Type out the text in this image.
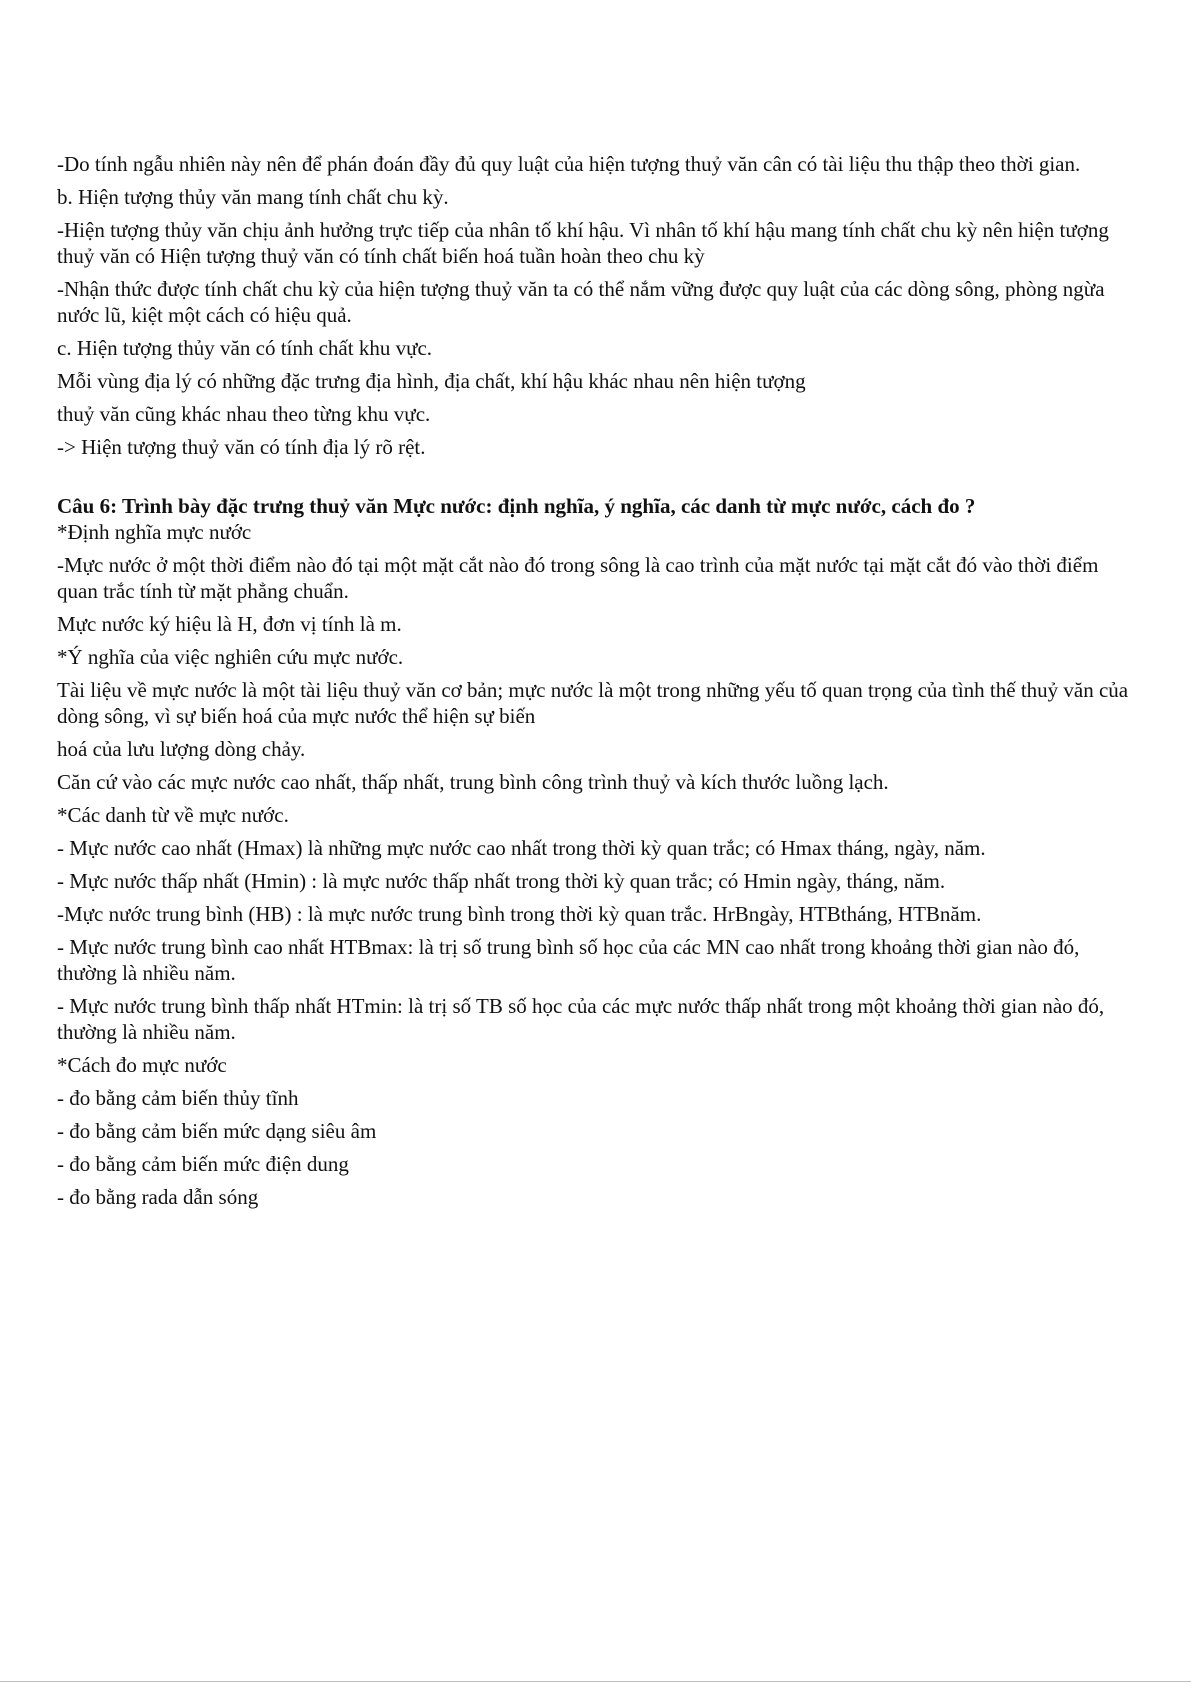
-Do tính ngẫu nhiên này nên để phán đoán đầy đủ quy luật của hiện tượng thuỷ văn cân có tài liệu thu thập theo thời gian.

b. Hiện tượng thủy văn mang tính chất chu kỳ.

-Hiện tượng thủy văn chịu ảnh hưởng trực tiếp của nhân tố khí hậu. Vì nhân tố khí hậu mang tính chất chu kỳ nên hiện tượng thuỷ văn có Hiện tượng thuỷ văn có tính chất biến hoá tuần hoàn theo chu kỳ

-Nhận thức được tính chất chu kỳ của hiện tượng thuỷ văn ta có thể nắm vững được quy luật của các dòng sông, phòng ngừa nước lũ, kiệt một cách có hiệu quả.

c. Hiện tượng thủy văn có tính chất khu vực.

Mỗi vùng địa lý có những đặc trưng địa hình, địa chất, khí hậu khác nhau nên hiện tượng

thuỷ văn cũng khác nhau theo từng khu vực.

-> Hiện tượng thuỷ văn có tính địa lý rõ rệt.

Câu 6: Trình bày đặc trưng thuỷ văn Mực nước: định nghĩa, ý nghĩa, các danh từ mực nước, cách đo ?

*Định nghĩa mực nước

-Mực nước ở một thời điểm nào đó tại một mặt cắt nào đó trong sông là cao trình của mặt nước tại mặt cắt đó vào thời điểm quan trắc tính từ mặt phẳng chuẩn.

Mực nước ký hiệu là H, đơn vị tính là m.

*Ý nghĩa của việc nghiên cứu mực nước.

Tài liệu về mực nước là một tài liệu thuỷ văn cơ bản; mực nước là một trong những yếu tố quan trọng của tình thế thuỷ văn của dòng sông, vì sự biến hoá của mực nước thể hiện sự biến

hoá của lưu lượng dòng chảy.

Căn cứ vào các mực nước cao nhất, thấp nhất, trung bình công trình thuỷ và kích thước luồng lạch.

*Các danh từ về mực nước.

- Mực nước cao nhất (Hmax) là những mực nước cao nhất trong thời kỳ quan trắc; có Hmax tháng, ngày, năm.

- Mực nước thấp nhất (Hmin) : là mực nước thấp nhất trong thời kỳ quan trắc; có Hmin ngày, tháng, năm.

-Mực nước trung bình (HB) : là mực nước trung bình trong thời kỳ quan trắc. HrBngày, HTBtháng, HTBnăm.

- Mực nước trung bình cao nhất HTBmax: là trị số trung bình số học của các MN cao nhất trong khoảng thời gian nào đó, thường là nhiều năm.

- Mực nước trung bình thấp nhất HTmin: là trị số TB số học của các mực nước thấp nhất trong một khoảng thời gian nào đó, thường là nhiều năm.

*Cách đo mực nước

- đo bằng cảm biến thủy tĩnh

- đo bằng cảm biến mức dạng siêu âm

- đo bằng cảm biến mức điện dung

- đo bằng rada dẫn sóng
